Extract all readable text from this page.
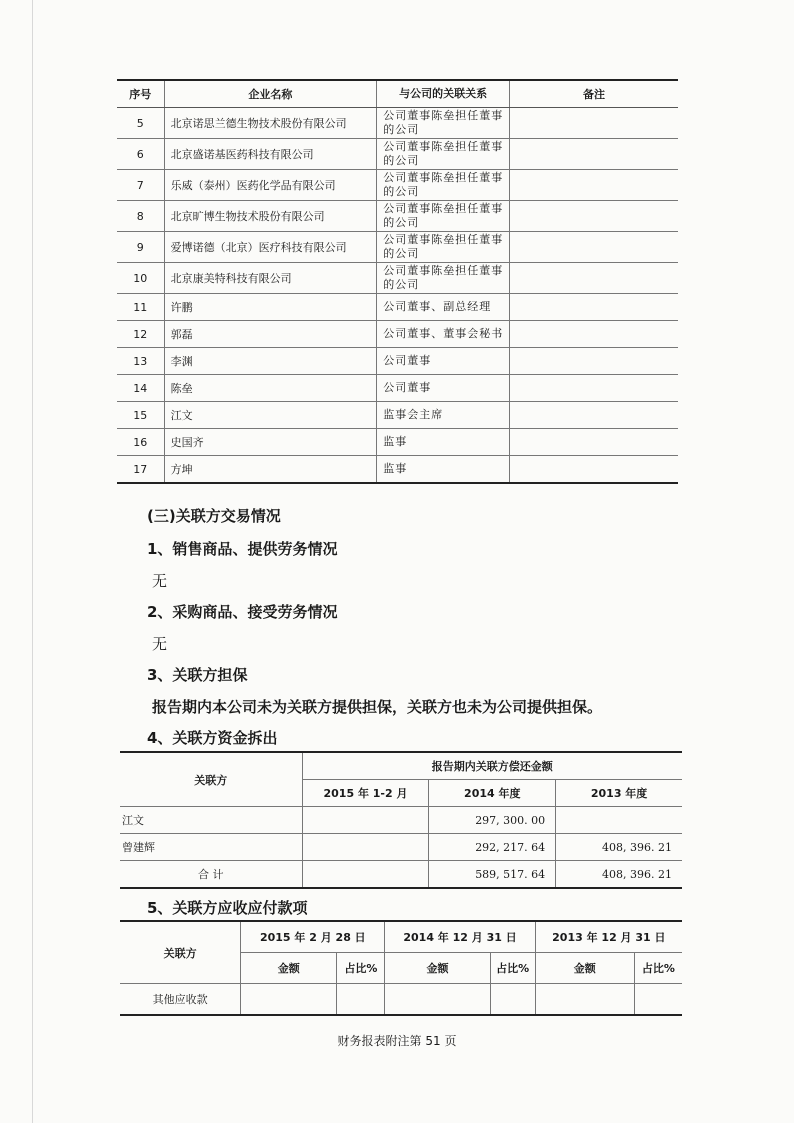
序号	企业名称	与公司的关联关系	备注
5	北京诺思兰德生物技术股份有限公司	公司董事陈垒担任董事的公司	
6	北京盛诺基医药科技有限公司	公司董事陈垒担任董事的公司	
7	乐威（泰州）医药化学品有限公司	公司董事陈垒担任董事的公司	
8	北京旷博生物技术股份有限公司	公司董事陈垒担任董事的公司	
9	爱博诺德（北京）医疗科技有限公司	公司董事陈垒担任董事的公司	
10	北京康美特科技有限公司	公司董事陈垒担任董事的公司	
11	许鹏	公司董事、副总经理	
12	郭磊	公司董事、董事会秘书	
13	李渊	公司董事	
14	陈垒	公司董事	
15	江文	监事会主席	
16	史国齐	监事	
17	方坤	监事	
(三)关联方交易情况
1、销售商品、提供劳务情况

无

2、采购商品、接受劳务情况

无

3、关联方担保

报告期内本公司未为关联方提供担保，关联方也未为公司提供担保。

4、关联方资金拆出
关联方	报告期内关联方偿还金额		
	2015 年 1-2 月	2014 年度	2013 年度
江文		297, 300. 00	
曾建辉		292, 217. 64	408, 396. 21
合 计		589, 517. 64	408, 396. 21
5、关联方应收应付款项
关联方	2015 年 2 月 28 日		2014 年 12 月 31 日		2013 年 12 月 31 日	
	金额	占比%	金额	占比%	金额	占比%
其他应收款						
财务报表附注第 51 页
